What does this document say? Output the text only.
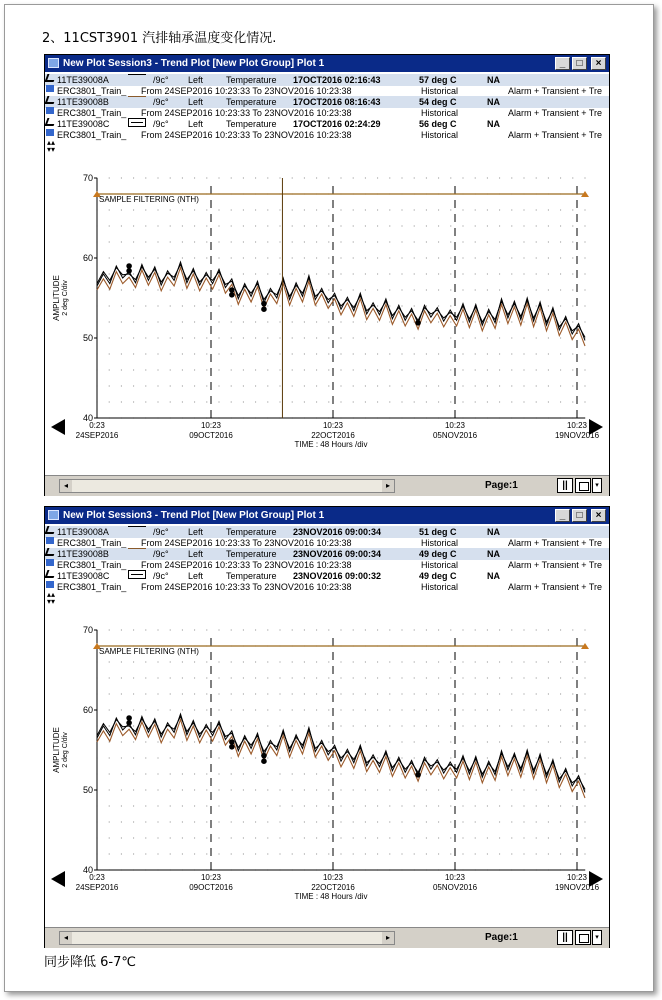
2、11CST3901 汽排轴承温度变化情况.
New Plot Session3 - Trend Plot [New Plot Group] Plot 1	_	□	×
11TE39008A	/9c° Left	Temperature 17OCT2016 02:16:43	57 deg C	NA
ERC3801_Train_ From 24SEP2016 10:23:33 To 23NOV2016 10:23:38	Historical	Alarm + Transient + Tre
11TE39008B	/9c° Left	Temperature 17OCT2016 08:16:43	54 deg C	NA
ERC3801_Train_ From 24SEP2016 10:23:33 To 23NOV2016 10:23:38	Historical	Alarm + Transient + Tre
11TE39008C	/9c° Left	Temperature 17OCT2016 02:24:29	56 deg C	NA
ERC3801_Train_ From 24SEP2016 10:23:33 To 23NOV2016 10:23:38	Historical	Alarm + Transient + Tre
▴▴
▾▾
40
50
60
70
AMPLITUDE 2 deg C/div
SAMPLE FILTERING (NTH)
0:23
24SEP2016
10:23
09OCT2016
10:23
22OCT2016
10:23
05NOV2016
10:23
19NOV2016
TIME : 48 Hours /div
◂	▸	Page:1	||	▾
New Plot Session3 - Trend Plot [New Plot Group] Plot 1	_	□	×
11TE39008A	/9c° Left	Temperature 23NOV2016 09:00:34	51 deg C	NA
ERC3801_Train_ From 24SEP2016 10:23:33 To 23NOV2016 10:23:38	Historical	Alarm + Transient + Tre
11TE39008B	/9c° Left	Temperature 23NOV2016 09:00:34	49 deg C	NA
ERC3801_Train_ From 24SEP2016 10:23:33 To 23NOV2016 10:23:38	Historical	Alarm + Transient + Tre
11TE39008C	/9c° Left	Temperature 23NOV2016 09:00:32	49 deg C	NA
ERC3801_Train_ From 24SEP2016 10:23:33 To 23NOV2016 10:23:38	Historical	Alarm + Transient + Tre
▴▴
▾▾
40
50
60
70
AMPLITUDE 2 deg C/div
SAMPLE FILTERING (NTH)
0:23
24SEP2016
10:23
09OCT2016
10:23
22OCT2016
10:23
05NOV2016
10:23
19NOV2016
TIME : 48 Hours /div
◂	▸	Page:1	||	▾
同步降低 6-7℃
